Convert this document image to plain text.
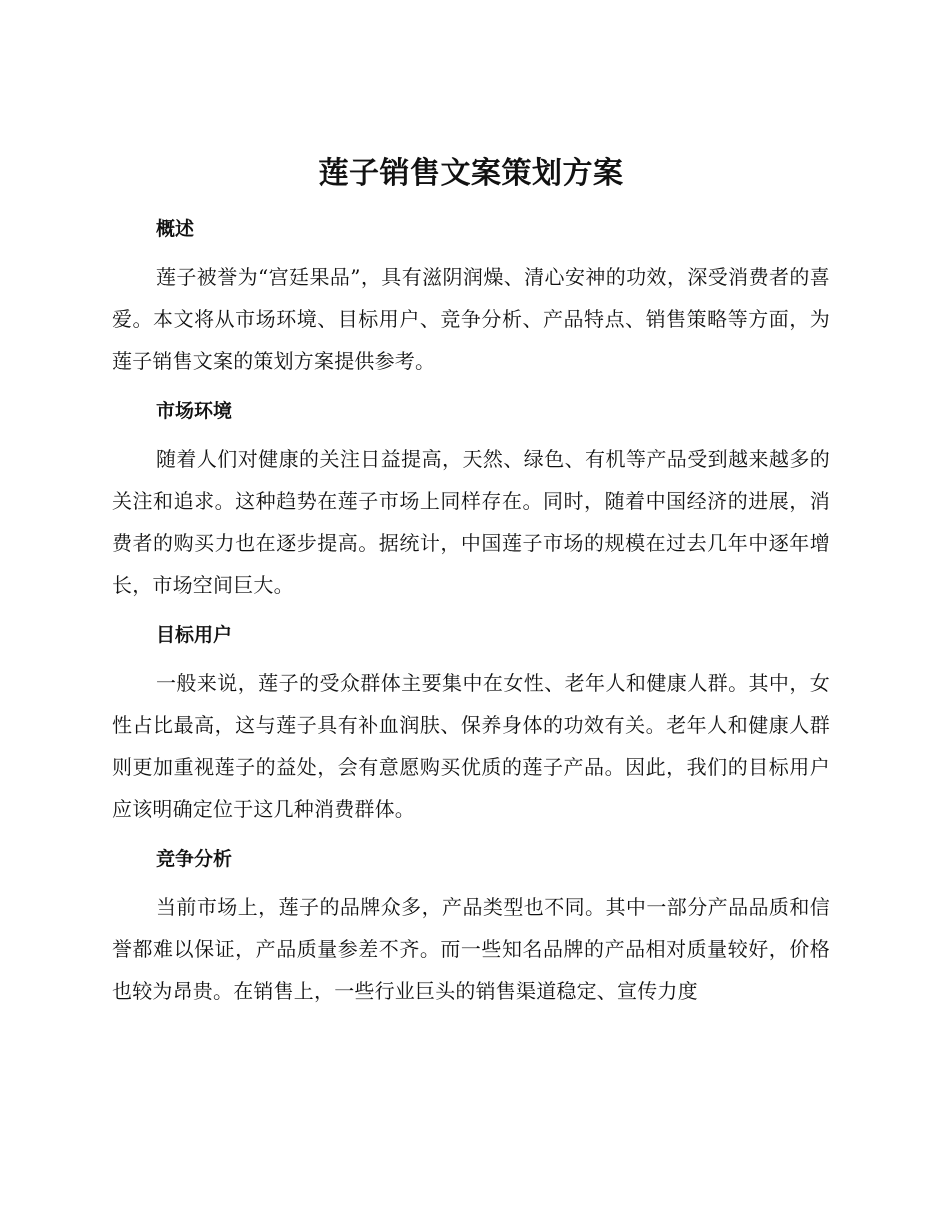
莲子销售文案策划方案
概述

莲子被誉为“宫廷果品”，具有滋阴润燥、清心安神的功效，深受消费者的喜爱。本文将从市场环境、目标用户、竞争分析、产品特点、销售策略等方面，为莲子销售文案的策划方案提供参考。

市场环境

随着人们对健康的关注日益提高，天然、绿色、有机等产品受到越来越多的关注和追求。这种趋势在莲子市场上同样存在。同时，随着中国经济的进展，消费者的购买力也在逐步提高。据统计，中国莲子市场的规模在过去几年中逐年增长，市场空间巨大。

目标用户

一般来说，莲子的受众群体主要集中在女性、老年人和健康人群。其中，女性占比最高，这与莲子具有补血润肤、保养身体的功效有关。老年人和健康人群则更加重视莲子的益处，会有意愿购买优质的莲子产品。因此，我们的目标用户应该明确定位于这几种消费群体。

竞争分析

当前市场上，莲子的品牌众多，产品类型也不同。其中一部分产品品质和信誉都难以保证，产品质量参差不齐。而一些知名品牌的产品相对质量较好，价格也较为昂贵。在销售上，一些行业巨头的销售渠道稳定、宣传力度
